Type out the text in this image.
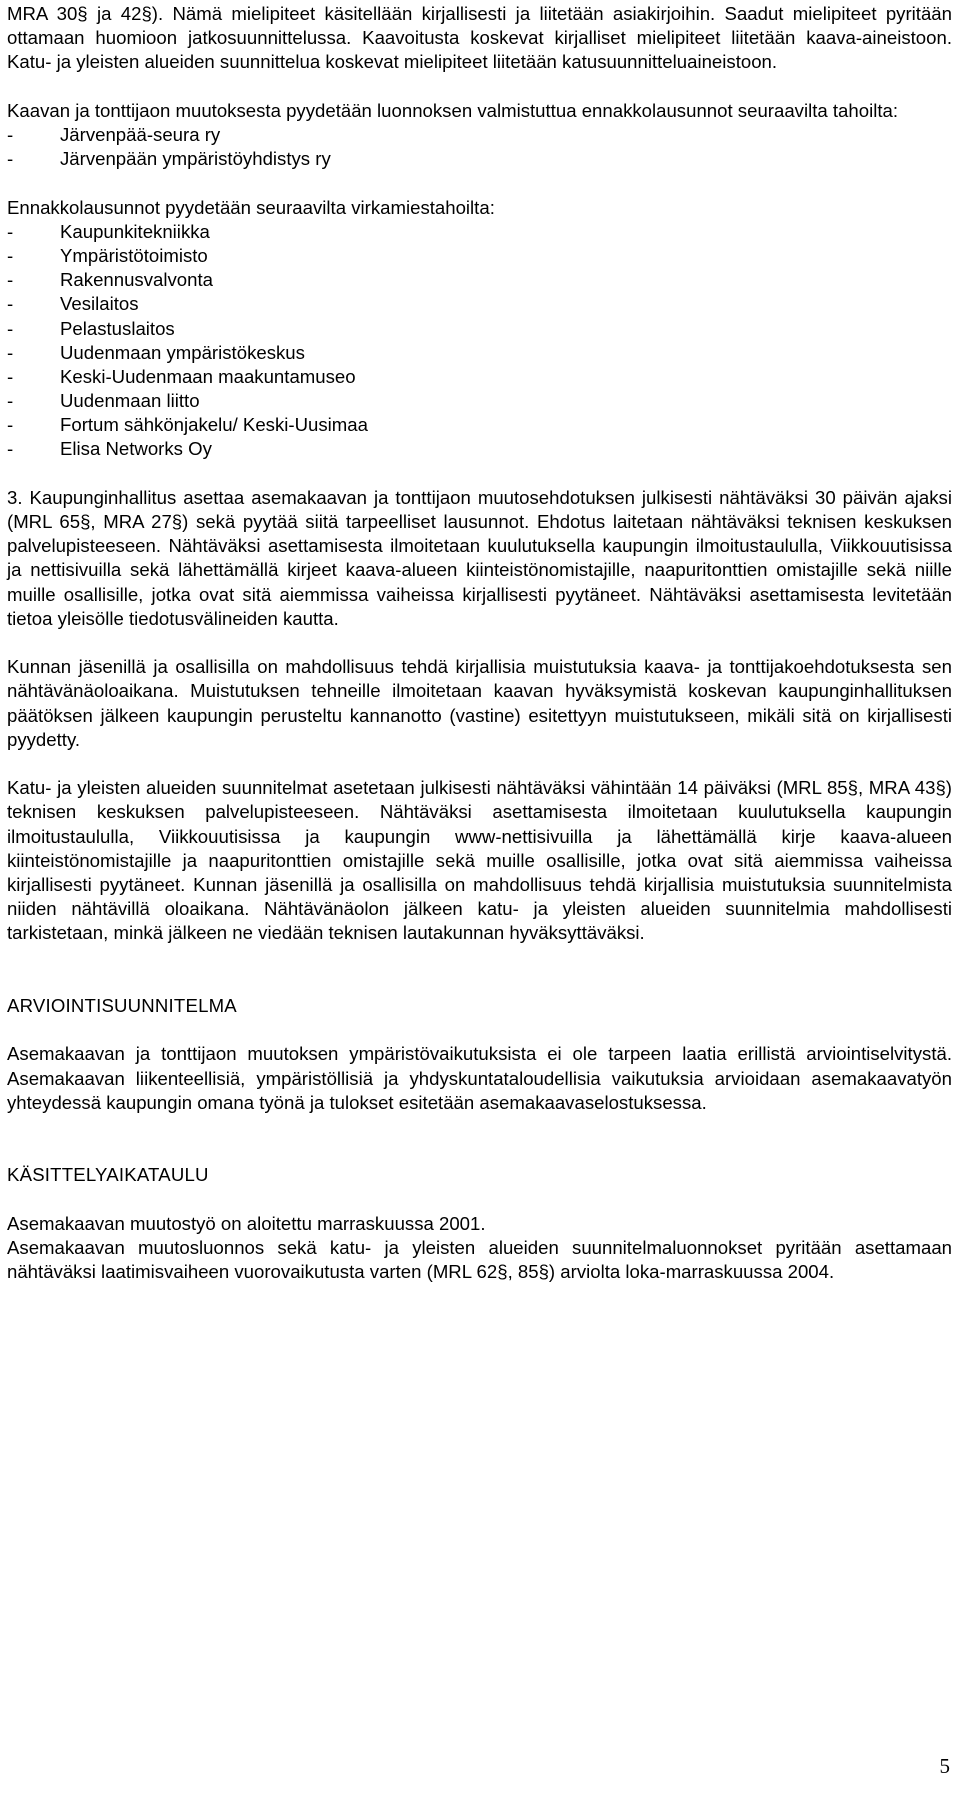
MRA 30§ ja 42§). Nämä mielipiteet käsitellään kirjallisesti ja liitetään asiakirjoihin. Saadut mielipiteet pyritään ottamaan huomioon jatkosuunnittelussa. Kaavoitusta koskevat kirjalliset mielipiteet liitetään kaava-aineistoon. Katu- ja yleisten alueiden suunnittelua koskevat mielipiteet liitetään katusuunnitteluaineistoon.

Kaavan ja tonttijaon muutoksesta pyydetään luonnoksen valmistuttua ennakkolausunnot seuraavilta tahoilta:

-	Järvenpää-seura ry
-	Järvenpään ympäristöyhdistys ry

Ennakkolausunnot pyydetään seuraavilta virkamiestahoilta:

-	Kaupunkitekniikka
-	Ympäristötoimisto
-	Rakennusvalvonta
-	Vesilaitos
-	Pelastuslaitos
-	Uudenmaan ympäristökeskus
-	Keski-Uudenmaan maakuntamuseo
-	Uudenmaan liitto
-	Fortum sähkönjakelu/ Keski-Uusimaa
-	Elisa Networks Oy

3. Kaupunginhallitus asettaa asemakaavan ja tonttijaon muutosehdotuksen julkisesti nähtäväksi 30 päivän ajaksi (MRL 65§, MRA 27§) sekä pyytää siitä tarpeelliset lausunnot. Ehdotus laitetaan nähtäväksi teknisen keskuksen palvelupisteeseen. Nähtäväksi asettamisesta ilmoitetaan kuulutuksella kaupungin ilmoitustaululla, Viikkouutisissa ja nettisivuilla sekä lähettämällä kirjeet kaava-alueen kiinteistönomistajille, naapuritonttien omistajille sekä niille muille osallisille, jotka ovat sitä aiemmissa vaiheissa kirjallisesti pyytäneet. Nähtäväksi asettamisesta levitetään tietoa yleisölle tiedotusvälineiden kautta.

Kunnan jäsenillä ja osallisilla on mahdollisuus tehdä kirjallisia muistutuksia kaava- ja tonttijakoehdotuksesta sen nähtävänäoloaikana. Muistutuksen tehneille ilmoitetaan kaavan hyväksymistä koskevan kaupunginhallituksen päätöksen jälkeen kaupungin perusteltu kannanotto (vastine) esitettyyn muistutukseen, mikäli sitä on kirjallisesti pyydetty.

Katu- ja yleisten alueiden suunnitelmat asetetaan julkisesti nähtäväksi vähintään 14 päiväksi (MRL 85§, MRA 43§) teknisen keskuksen palvelupisteeseen. Nähtäväksi asettamisesta ilmoitetaan kuulutuksella kaupungin ilmoitustaululla, Viikkouutisissa ja kaupungin www-nettisivuilla ja lähettämällä kirje kaava-alueen kiinteistönomistajille ja naapuritonttien omistajille sekä muille osallisille, jotka ovat sitä aiemmissa vaiheissa kirjallisesti pyytäneet. Kunnan jäsenillä ja osallisilla on mahdollisuus tehdä kirjallisia muistutuksia suunnitelmista niiden nähtävillä oloaikana. Nähtävänäolon jälkeen katu- ja yleisten alueiden suunnitelmia mahdollisesti tarkistetaan, minkä jälkeen ne viedään teknisen lautakunnan hyväksyttäväksi.

ARVIOINTISUUNNITELMA

Asemakaavan ja tonttijaon muutoksen ympäristövaikutuksista ei ole tarpeen laatia erillistä arviointiselvitystä. Asemakaavan liikenteellisiä, ympäristöllisiä ja yhdyskuntataloudellisia vaikutuksia arvioidaan asemakaavatyön yhteydessä kaupungin omana työnä ja tulokset esitetään asemakaavaselostuksessa.

KÄSITTELYAIKATAULU

Asemakaavan muutostyö on aloitettu marraskuussa 2001.

Asemakaavan muutosluonnos sekä katu- ja yleisten alueiden suunnitelmaluonnokset pyritään asettamaan nähtäväksi laatimisvaiheen vuorovaikutusta varten (MRL 62§, 85§) arviolta loka-marraskuussa 2004.

5
